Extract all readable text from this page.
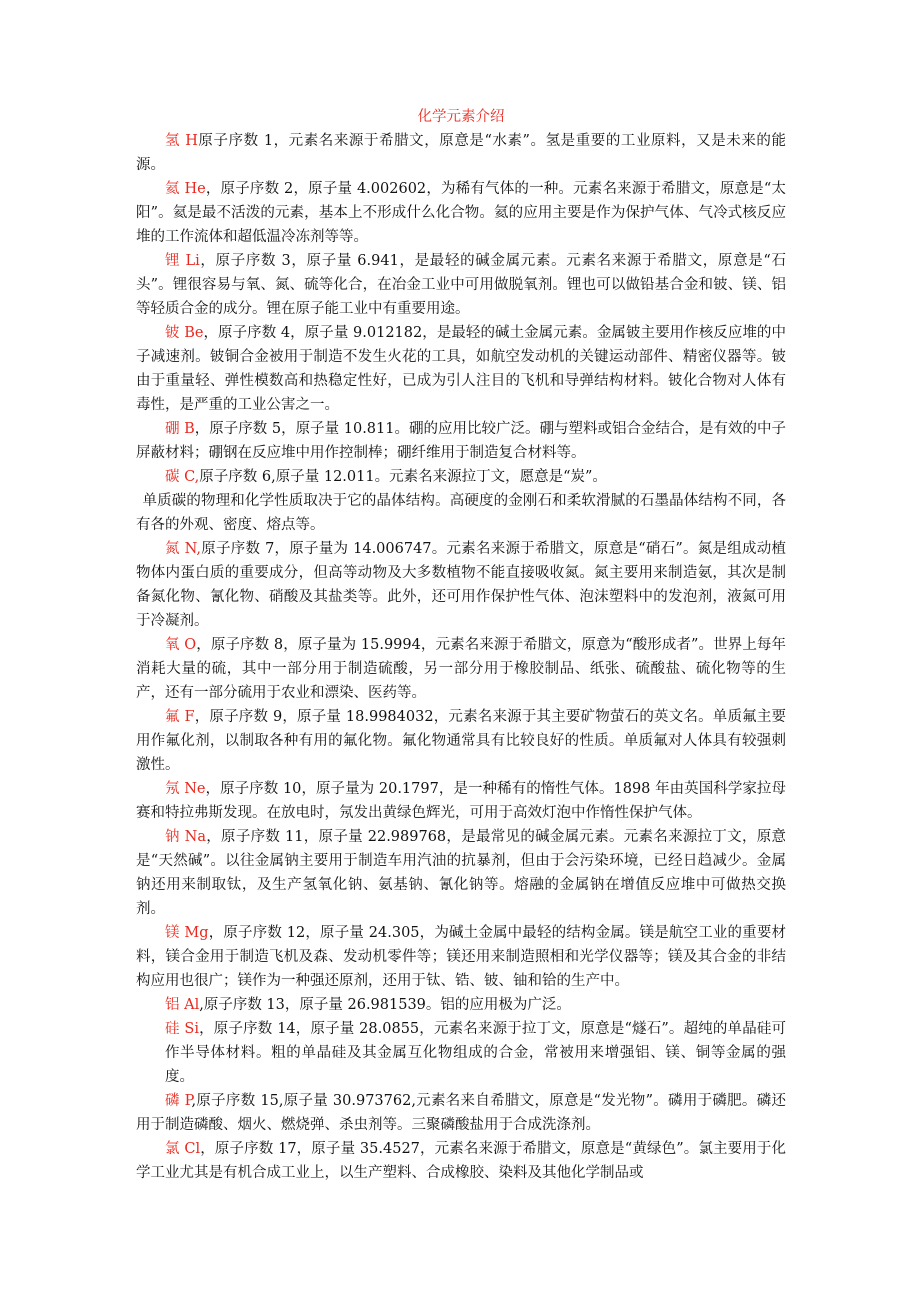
化学元素介绍

氢 H原子序数 1，元素名来源于希腊文，原意是“水素”。氢是重要的工业原料，又是未来的能源。

氦 He，原子序数 2，原子量 4.002602，为稀有气体的一种。元素名来源于希腊文，原意是“太阳”。氦是最不活泼的元素，基本上不形成什么化合物。氦的应用主要是作为保护气体、气冷式核反应堆的工作流体和超低温冷冻剂等等。

锂 Li，原子序数 3，原子量 6.941，是最轻的碱金属元素。元素名来源于希腊文，原意是“石头”。锂很容易与氧、氮、硫等化合，在冶金工业中可用做脱氧剂。锂也可以做铅基合金和铍、镁、铝等轻质合金的成分。锂在原子能工业中有重要用途。

铍 Be，原子序数 4，原子量 9.012182，是最轻的碱土金属元素。金属铍主要用作核反应堆的中子减速剂。铍铜合金被用于制造不发生火花的工具，如航空发动机的关键运动部件、精密仪器等。铍由于重量轻、弹性模数高和热稳定性好，已成为引人注目的飞机和导弹结构材料。铍化合物对人体有毒性，是严重的工业公害之一。

硼 B，原子序数 5，原子量 10.811。硼的应用比较广泛。硼与塑料或铝合金结合，是有效的中子屏蔽材料；硼钢在反应堆中用作控制棒；硼纤维用于制造复合材料等。

碳 C,原子序数 6,原子量 12.011。元素名来源拉丁文，愿意是“炭”。

单质碳的物理和化学性质取决于它的晶体结构。高硬度的金刚石和柔软滑腻的石墨晶体结构不同，各有各的外观、密度、熔点等。

氮 N,原子序数 7，原子量为 14.006747。元素名来源于希腊文，原意是“硝石”。氮是组成动植物体内蛋白质的重要成分，但高等动物及大多数植物不能直接吸收氮。氮主要用来制造氨，其次是制备氮化物、氰化物、硝酸及其盐类等。此外，还可用作保护性气体、泡沫塑料中的发泡剂，液氮可用于冷凝剂。

氧 O，原子序数 8，原子量为 15.9994，元素名来源于希腊文，原意为“酸形成者”。世界上每年消耗大量的硫，其中一部分用于制造硫酸，另一部分用于橡胶制品、纸张、硫酸盐、硫化物等的生产，还有一部分硫用于农业和漂染、医药等。

氟 F，原子序数 9，原子量 18.9984032，元素名来源于其主要矿物萤石的英文名。单质氟主要用作氟化剂，以制取各种有用的氟化物。氟化物通常具有比较良好的性质。单质氟对人体具有较强刺激性。

氖 Ne，原子序数 10，原子量为 20.1797，是一种稀有的惰性气体。1898 年由英国科学家拉母赛和特拉弗斯发现。在放电时，氖发出黄绿色辉光，可用于高效灯泡中作惰性保护气体。

钠 Na，原子序数 11，原子量 22.989768，是最常见的碱金属元素。元素名来源拉丁文，原意是“天然碱”。以往金属钠主要用于制造车用汽油的抗暴剂，但由于会污染环境，已经日趋减少。金属钠还用来制取钛，及生产氢氧化钠、氨基钠、氰化钠等。熔融的金属钠在增值反应堆中可做热交换剂。

镁 Mg，原子序数 12，原子量 24.305，为碱土金属中最轻的结构金属。镁是航空工业的重要材料，镁合金用于制造飞机及森、发动机零件等；镁还用来制造照相和光学仪器等；镁及其合金的非结构应用也很广；镁作为一种强还原剂，还用于钛、锆、铍、铀和铪的生产中。

铝 Al,原子序数 13，原子量 26.981539。铝的应用极为广泛。

硅 Si，原子序数 14，原子量 28.0855，元素名来源于拉丁文，原意是“燧石”。超纯的单晶硅可作半导体材料。粗的单晶硅及其金属互化物组成的合金，常被用来增强铝、镁、铜等金属的强度。

磷 P,原子序数 15,原子量 30.973762,元素名来自希腊文，原意是“发光物”。磷用于磷肥。磷还用于制造磷酸、烟火、燃烧弹、杀虫剂等。三聚磷酸盐用于合成洗涤剂。

氯 Cl，原子序数 17，原子量 35.4527，元素名来源于希腊文，原意是“黄绿色”。氯主要用于化学工业尤其是有机合成工业上，以生产塑料、合成橡胶、染料及其他化学制品或
